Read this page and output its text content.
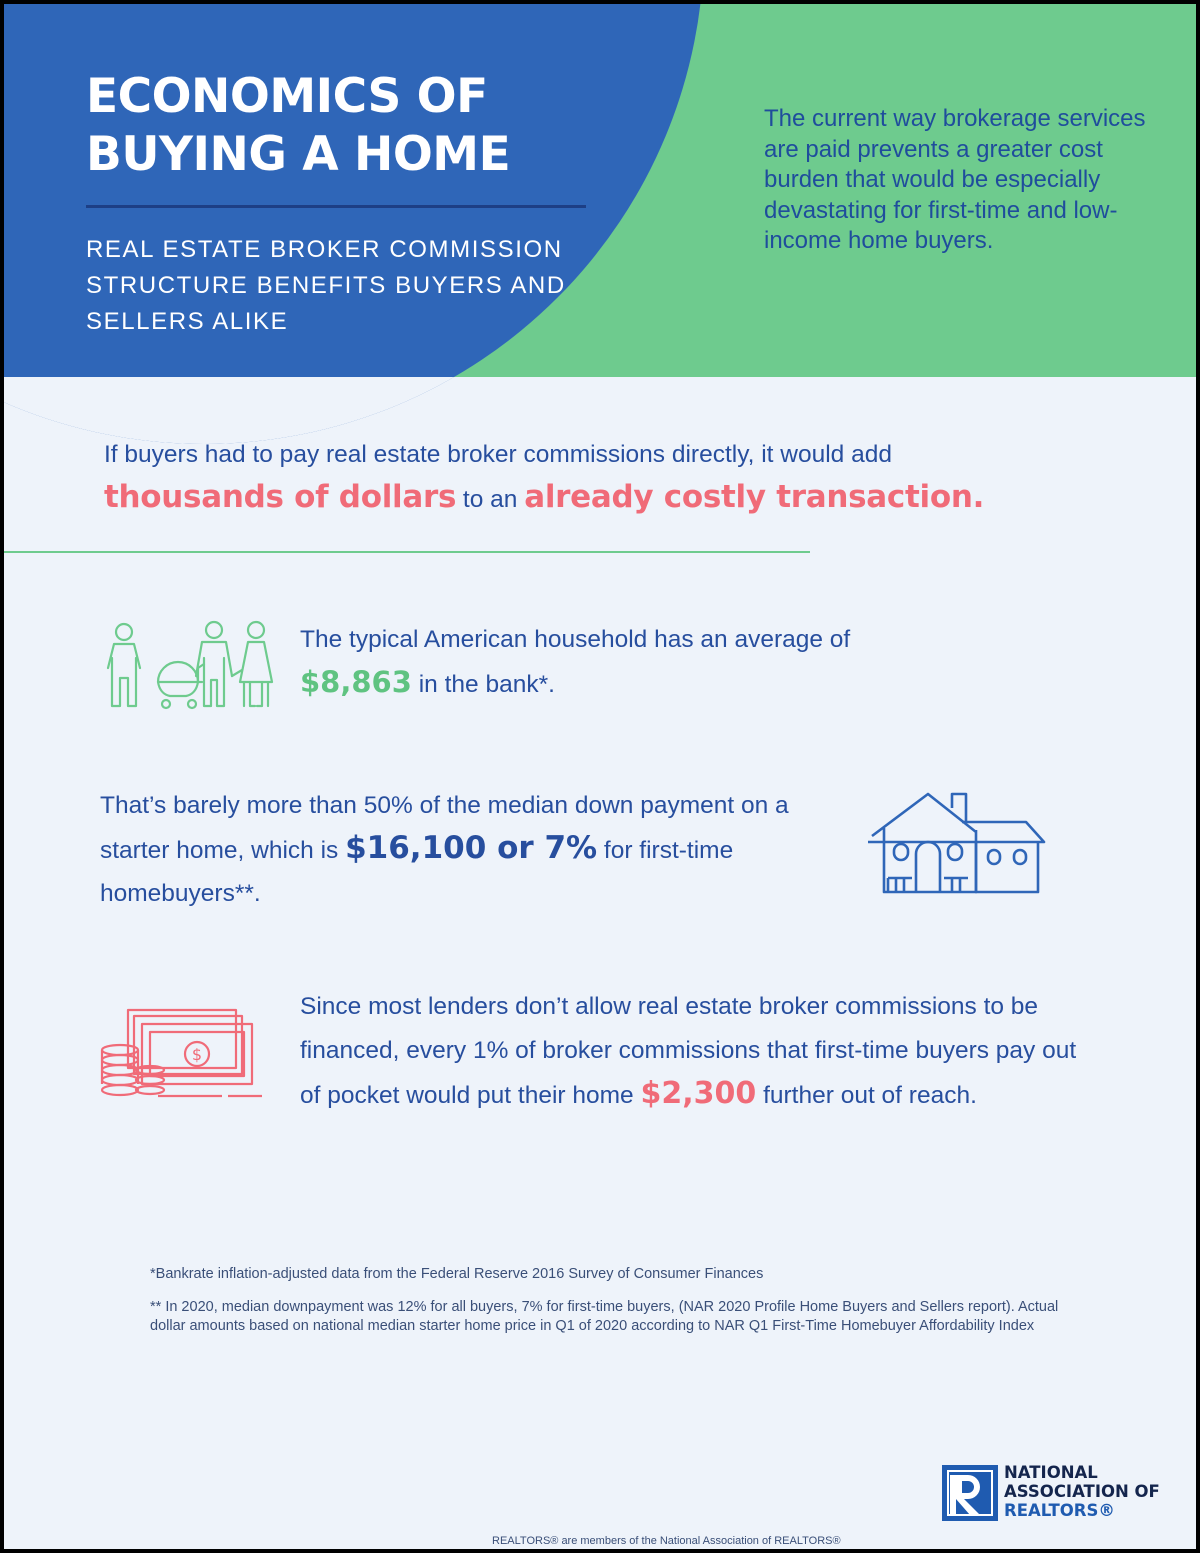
ECONOMICS OF
BUYING A HOME

REAL ESTATE BROKER COMMISSION STRUCTURE BENEFITS BUYERS AND SELLERS ALIKE

The current way brokerage services are paid prevents a greater cost burden that would be especially devastating for first-time and low-income home buyers.

If buyers had to pay real estate broker commissions directly, it would add
thousands of dollars to an already costly transaction.
The typical American household has an average of
$8,863 in the bank*.
That’s barely more than 50% of the median down payment on a starter home, which is $16,100 or 7% for first-time homebuyers**.
$
Since most lenders don’t allow real estate broker commissions to be financed, every 1% of broker commissions that first-time buyers pay out of pocket would put their home $2,300 further out of reach.

*Bankrate inflation-adjusted data from the Federal Reserve 2016 Survey of Consumer Finances

** In 2020, median downpayment was 12% for all buyers, 7% for first-time buyers, (NAR 2020 Profile Home Buyers and Sellers report). Actual dollar amounts based on national median starter home price in Q1 of 2020 according to NAR Q1 First-Time Homebuyer Affordability Index

REALTORS® are members of the National Association of REALTORS®

NATIONAL
ASSOCIATION OF
REALTORS®
